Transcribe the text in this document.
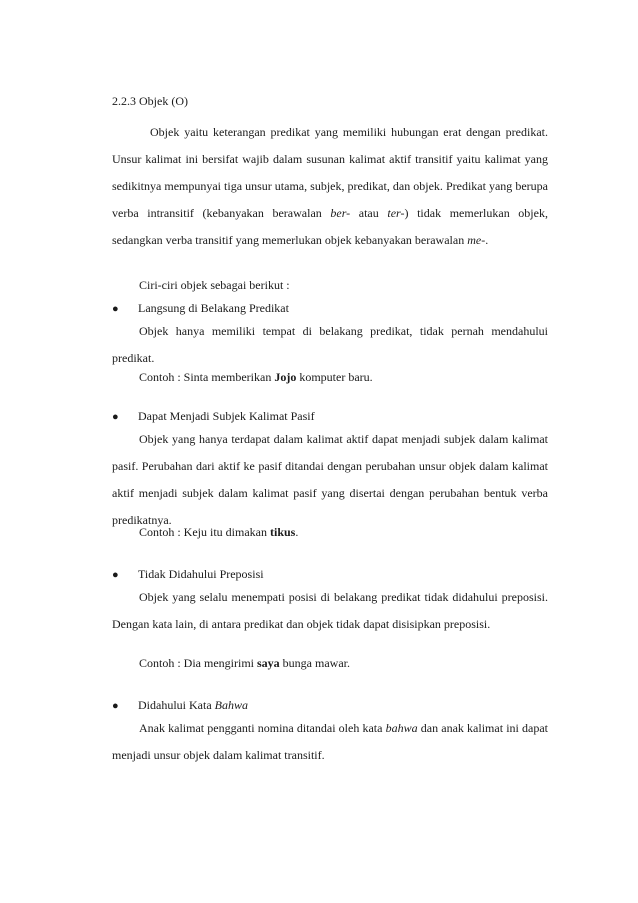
2.2.3 Objek (O)

Objek yaitu keterangan predikat yang memiliki hubungan erat dengan predikat. Unsur kalimat ini bersifat wajib dalam susunan kalimat aktif transitif yaitu kalimat yang sedikitnya mempunyai tiga unsur utama, subjek, predikat, dan objek. Predikat yang berupa verba intransitif (kebanyakan berawalan ber- atau ter-) tidak memerlukan objek, sedangkan verba transitif yang memerlukan objek kebanyakan berawalan me-.

Ciri-ciri objek sebagai berikut :
● Langsung di Belakang Predikat

Objek hanya memiliki tempat di belakang predikat, tidak pernah mendahului predikat.

Contoh : Sinta memberikan Jojo komputer baru.
● Dapat Menjadi Subjek Kalimat Pasif

Objek yang hanya terdapat dalam kalimat aktif dapat menjadi subjek dalam kalimat pasif. Perubahan dari aktif ke pasif ditandai dengan perubahan unsur objek dalam kalimat aktif menjadi subjek dalam kalimat pasif yang disertai dengan perubahan bentuk verba predikatnya.

Contoh : Keju itu dimakan tikus.
● Tidak Didahului Preposisi

Objek yang selalu menempati posisi di belakang predikat tidak didahului preposisi. Dengan kata lain, di antara predikat dan objek tidak dapat disisipkan preposisi.

Contoh : Dia mengirimi saya bunga mawar.
● Didahului Kata Bahwa

Anak kalimat pengganti nomina ditandai oleh kata bahwa dan anak kalimat ini dapat menjadi unsur objek dalam kalimat transitif.
